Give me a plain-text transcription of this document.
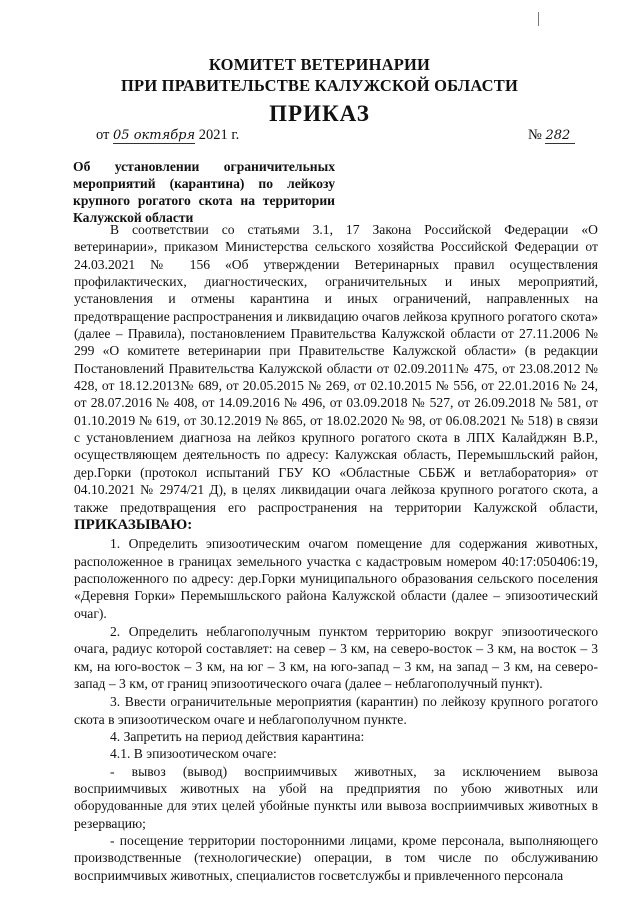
КОМИТЕТ ВЕТЕРИНАРИИ
ПРИ ПРАВИТЕЛЬСТВЕ КАЛУЖСКОЙ ОБЛАСТИ
ПРИКАЗ
от 05 октября 2021 г.	№ 282
Об установлении ограничительных мероприятий (карантина) по лейкозу крупного рогатого скота на территории Калужской области

В соответствии со статьями 3.1, 17 Закона Российской Федерации «О ветеринарии», приказом Министерства сельского хозяйства Российской Федерации от 24.03.2021 № 156 «Об утверждении Ветеринарных правил осуществления профилактических, диагностических, ограничительных и иных мероприятий, установления и отмены карантина и иных ограничений, направленных на предотвращение распространения и ликвидацию очагов лейкоза крупного рогатого скота» (далее – Правила), постановлением Правительства Калужской области от 27.11.2006 № 299 «О комитете ветеринарии при Правительстве Калужской области» (в редакции Постановлений Правительства Калужской области от 02.09.2011№ 475, от 23.08.2012 № 428, от 18.12.2013№ 689, от 20.05.2015 № 269, от 02.10.2015 № 556, от 22.01.2016 № 24, от 28.07.2016 № 408, от 14.09.2016 № 496, от 03.09.2018 № 527, от 26.09.2018 № 581, от 01.10.2019 № 619, от 30.12.2019 № 865, от 18.02.2020 № 98, от 06.08.2021 № 518) в связи с установлением диагноза на лейкоз крупного рогатого скота в ЛПХ Калайджян В.Р., осуществляющем деятельность по адресу: Калужская область, Перемышльский район, дер.Горки (протокол испытаний ГБУ КО «Областные СББЖ и ветлаборатория» от 04.10.2021 № 2974/21 Д), в целях ликвидации очага лейкоза крупного рогатого скота, а также предотвращения его распространения на территории Калужской области, ПРИКАЗЫВАЮ:

1. Определить эпизоотическим очагом помещение для содержания животных, расположенное в границах земельного участка с кадастровым номером 40:17:050406:19, расположенного по адресу: дер.Горки муниципального образования сельского поселения «Деревня Горки» Перемышльского района Калужской области (далее – эпизоотический очаг).

2. Определить неблагополучным пунктом территорию вокруг эпизоотического очага, радиус которой составляет: на север – 3 км, на северо-восток – 3 км, на восток – 3 км, на юго-восток – 3 км, на юг – 3 км, на юго-запад – 3 км, на запад – 3 км, на северо-запад – 3 км, от границ эпизоотического очага (далее – неблагополучный пункт).

3. Ввести ограничительные мероприятия (карантин) по лейкозу крупного рогатого скота в эпизоотическом очаге и неблагополучном пункте.

4. Запретить на период действия карантина:

4.1. В эпизоотическом очаге:

- вывоз (вывод) восприимчивых животных, за исключением вывоза восприимчивых животных на убой на предприятия по убою животных или оборудованные для этих целей убойные пункты или вывоза восприимчивых животных в резервацию;

- посещение территории посторонними лицами, кроме персонала, выполняющего производственные (технологические) операции, в том числе по обслуживанию восприимчивых животных, специалистов госветслужбы и привлеченного персонала
